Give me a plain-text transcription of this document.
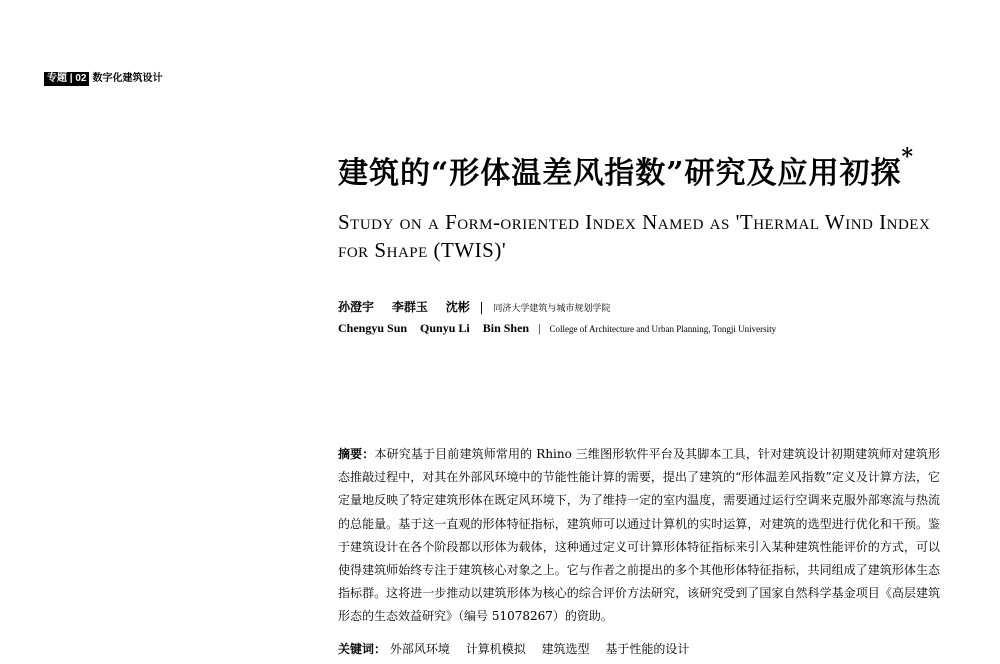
专题 | 02 数字化建筑设计
建筑的“形体温差风指数”研究及应用初探*
Study on a Form-oriented Index Named as 'Thermal Wind Index for Shape (TWIS)'
孙澄宇 李群玉 沈彬 | 同济大学建筑与城市规划学院
Chengyu Sun Qunyu Li Bin Shen | College of Architecture and Urban Planning, Tongji University

摘要：本研究基于目前建筑师常用的 Rhino 三维图形软件平台及其脚本工具，针对建筑设计初期建筑师对建筑形态推敲过程中，对其在外部风环境中的节能性能计算的需要，提出了建筑的“形体温差风指数”定义及计算方法，它定量地反映了特定建筑形体在既定风环境下，为了维持一定的室内温度，需要通过运行空调来克服外部寒流与热流的总能量。基于这一直观的形体特征指标，建筑师可以通过计算机的实时运算，对建筑的选型进行优化和干预。鉴于建筑设计在各个阶段都以形体为载体，这种通过定义可计算形体特征指标来引入某种建筑性能评价的方式，可以使得建筑师始终专注于建筑核心对象之上。它与作者之前提出的多个其他形体特征指标，共同组成了建筑形体生态指标群。这将进一步推动以建筑形体为核心的综合评价方法研究，该研究受到了国家自然科学基金项目《高层建筑形态的生态效益研究》（编号 51078267）的资助。

关键词： 外部风环境 计算机模拟 建筑选型 基于性能的设计
